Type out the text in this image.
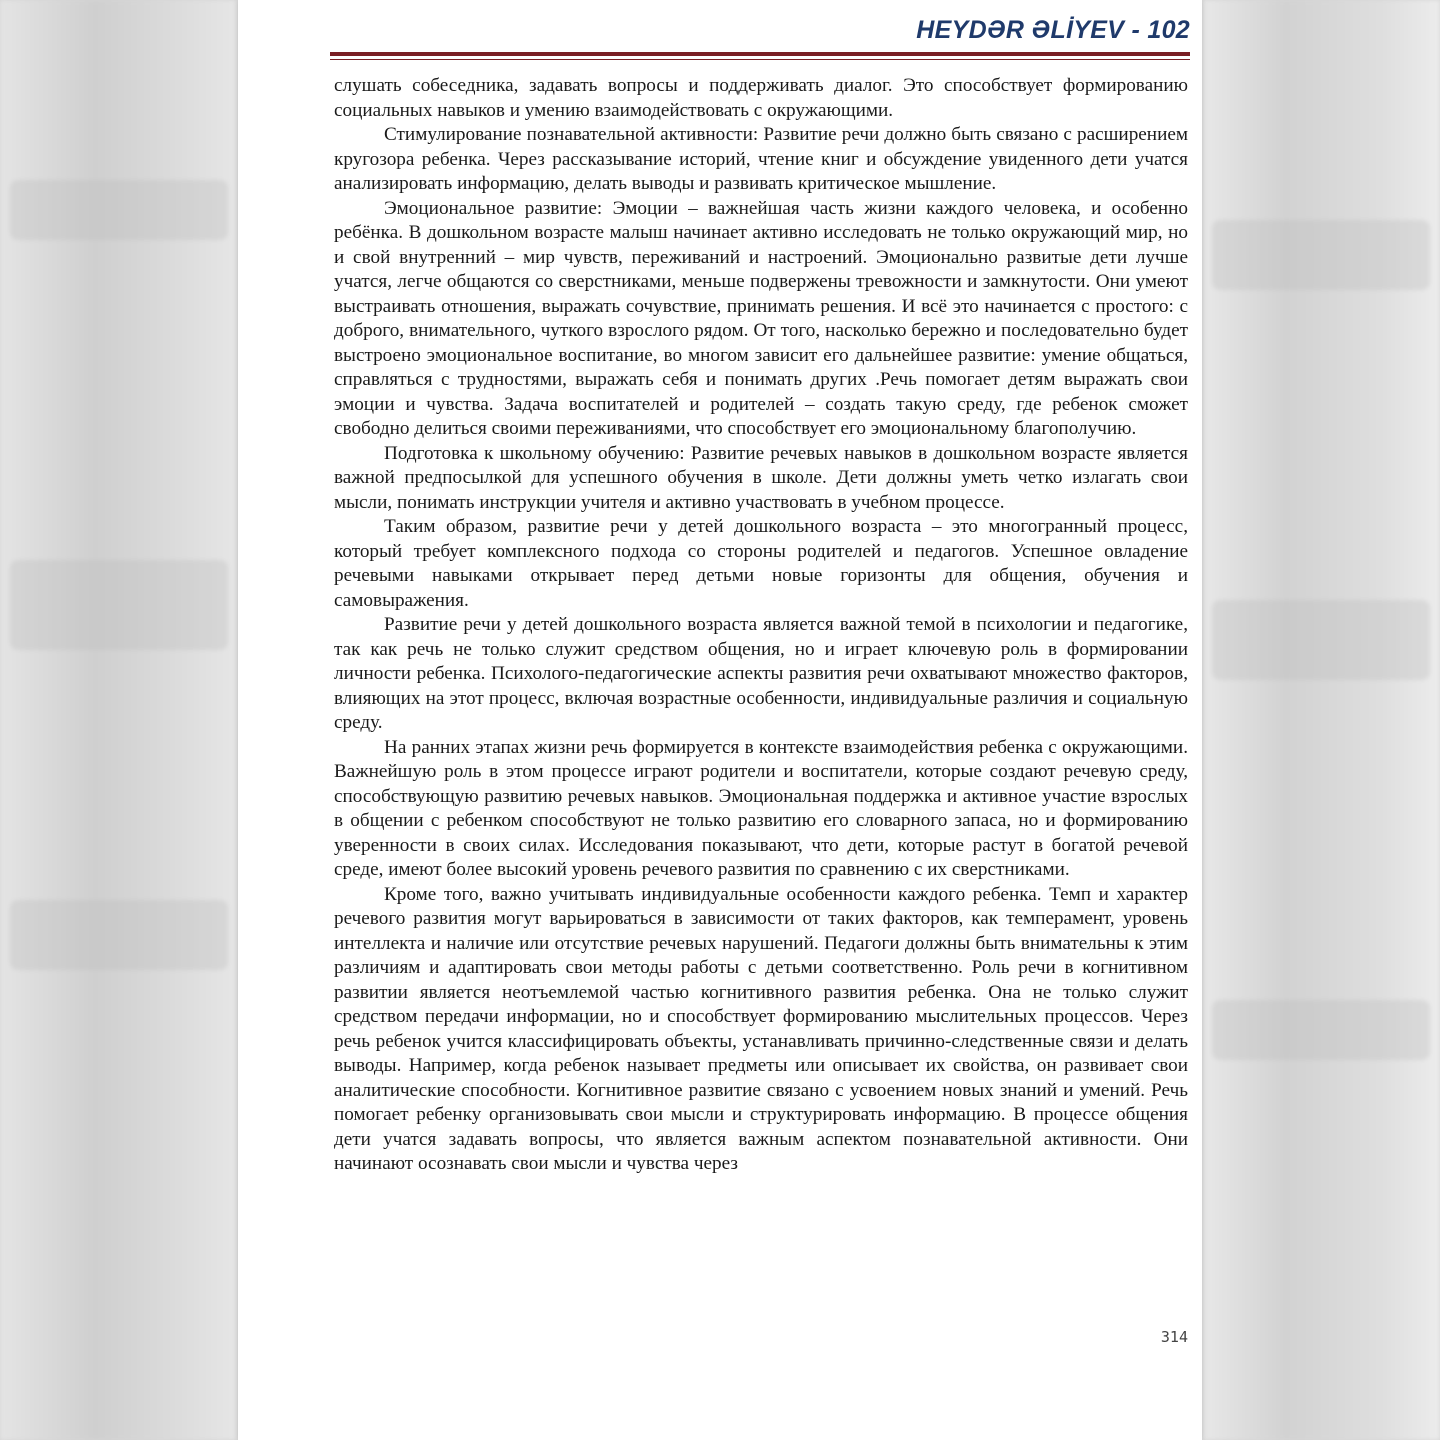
HEYDƏR ƏLİYEV - 102

слушать собеседника, задавать вопросы и поддерживать диалог. Это способствует формированию социальных навыков и умению взаимодействовать с окружающими.

Стимулирование познавательной активности: Развитие речи должно быть связано с расширением кругозора ребенка. Через рассказывание историй, чтение книг и обсуждение увиденного дети учатся анализировать информацию, делать выводы и развивать критическое мышление.

Эмоциональное развитие: Эмоции – важнейшая часть жизни каждого человека, и особенно ребёнка. В дошкольном возрасте малыш начинает активно исследовать не только окружающий мир, но и свой внутренний – мир чувств, переживаний и настроений. Эмоционально развитые дети лучше учатся, легче общаются со сверстниками, меньше подвержены тревожности и замкнутости. Они умеют выстраивать отношения, выражать сочувствие, принимать решения. И всё это начинается с простого: с доброго, внимательного, чуткого взрослого рядом. От того, насколько бережно и последовательно будет выстроено эмоциональное воспитание, во многом зависит его дальнейшее развитие: умение общаться, справляться с трудностями, выражать себя и понимать других .Речь помогает детям выражать свои эмоции и чувства. Задача воспитателей и родителей – создать такую среду, где ребенок сможет свободно делиться своими переживаниями, что способствует его эмоциональному благополучию.

Подготовка к школьному обучению: Развитие речевых навыков в дошкольном возрасте является важной предпосылкой для успешного обучения в школе. Дети должны уметь четко излагать свои мысли, понимать инструкции учителя и активно участвовать в учебном процессе.

Таким образом, развитие речи у детей дошкольного возраста – это многогранный процесс, который требует комплексного подхода со стороны родителей и педагогов. Успешное овладение речевыми навыками открывает перед детьми новые горизонты для общения, обучения и самовыражения.

Развитие речи у детей дошкольного возраста является важной темой в психологии и педагогике, так как речь не только служит средством общения, но и играет ключевую роль в формировании личности ребенка. Психолого-педагогические аспекты развития речи охватывают множество факторов, влияющих на этот процесс, включая возрастные особенности, индивидуальные различия и социальную среду.

На ранних этапах жизни речь формируется в контексте взаимодействия ребенка с окружающими. Важнейшую роль в этом процессе играют родители и воспитатели, которые создают речевую среду, способствующую развитию речевых навыков. Эмоциональная поддержка и активное участие взрослых в общении с ребенком способствуют не только развитию его словарного запаса, но и формированию уверенности в своих силах. Исследования показывают, что дети, которые растут в богатой речевой среде, имеют более высокий уровень речевого развития по сравнению с их сверстниками.

Кроме того, важно учитывать индивидуальные особенности каждого ребенка. Темп и характер речевого развития могут варьироваться в зависимости от таких факторов, как темперамент, уровень интеллекта и наличие или отсутствие речевых нарушений. Педагоги должны быть внимательны к этим различиям и адаптировать свои методы работы с детьми соответственно. Роль речи в когнитивном развитии является неотъемлемой частью когнитивного развития ребенка. Она не только служит средством передачи информации, но и способствует формированию мыслительных процессов. Через речь ребенок учится классифицировать объекты, устанавливать причинно-следственные связи и делать выводы. Например, когда ребенок называет предметы или описывает их свойства, он развивает свои аналитические способности. Когнитивное развитие связано с усвоением новых знаний и умений. Речь помогает ребенку организовывать свои мысли и структурировать информацию. В процессе общения дети учатся задавать вопросы, что является важным аспектом познавательной активности. Они начинают осознавать свои мысли и чувства через

314
